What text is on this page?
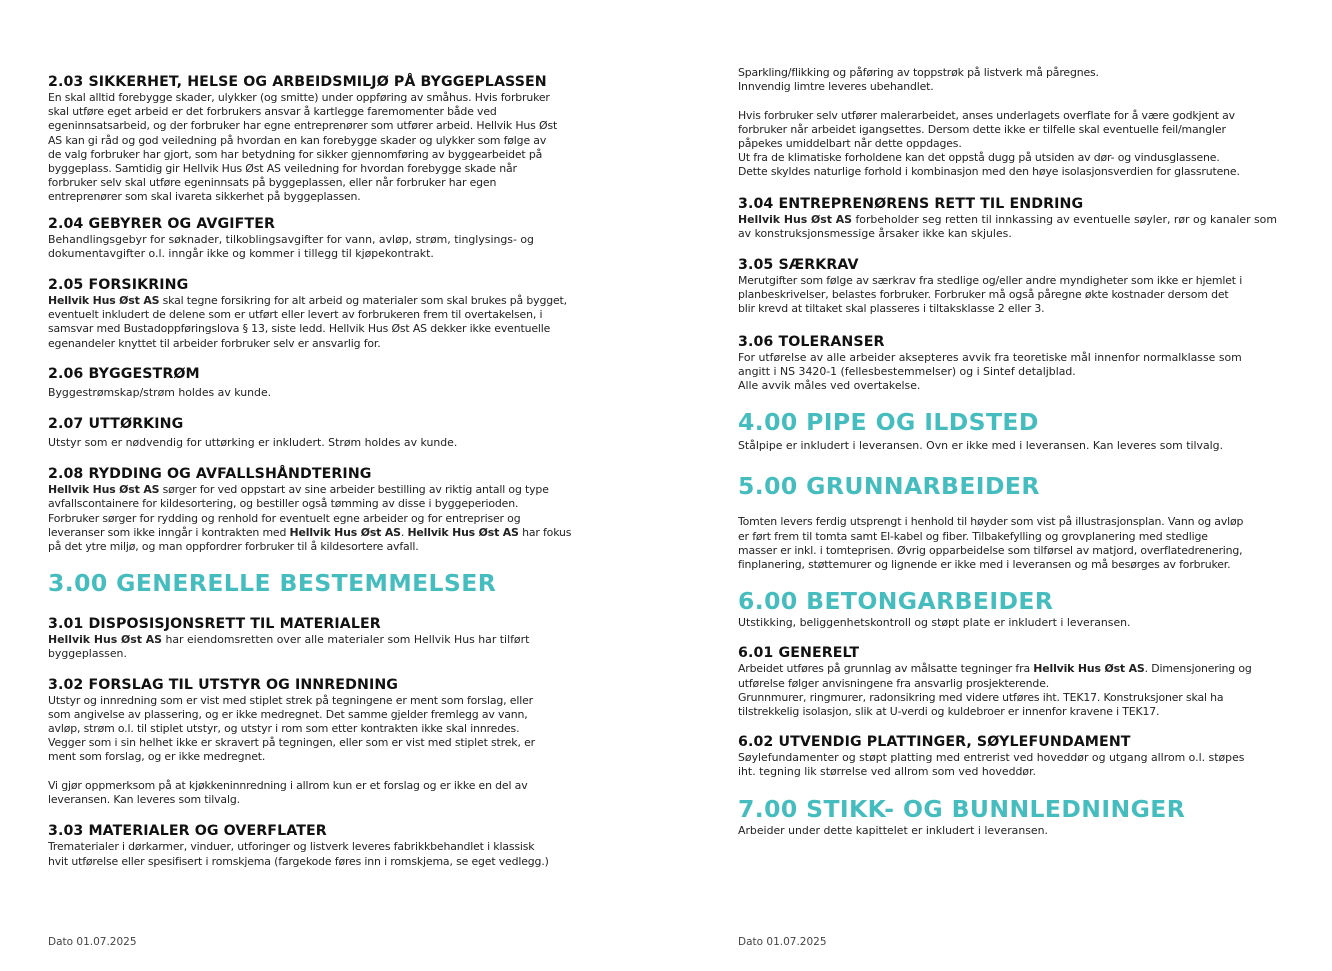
2.03 SIKKERHET, HELSE OG ARBEIDSMILJØ PÅ BYGGEPLASSEN

En skal alltid forebygge skader, ulykker (og smitte) under oppføring av småhus. Hvis forbruker
skal utføre eget arbeid er det forbrukers ansvar å kartlegge faremomenter både ved
egeninnsatsarbeid, og der forbruker har egne entreprenører som utfører arbeid. Hellvik Hus Øst
AS kan gi råd og god veiledning på hvordan en kan forebygge skader og ulykker som følge av
de valg forbruker har gjort, som har betydning for sikker gjennomføring av byggearbeidet på
byggeplass. Samtidig gir Hellvik Hus Øst AS veiledning for hvordan forebygge skade når
forbruker selv skal utføre egeninnsats på byggeplassen, eller når forbruker har egen
entreprenører som skal ivareta sikkerhet på byggeplassen.

2.04 GEBYRER OG AVGIFTER

Behandlingsgebyr for søknader, tilkoblingsavgifter for vann, avløp, strøm, tinglysings- og
dokumentavgifter o.l. inngår ikke og kommer i tillegg til kjøpekontrakt.

2.05 FORSIKRING

Hellvik Hus Øst AS skal tegne forsikring for alt arbeid og materialer som skal brukes på bygget,
eventuelt inkludert de delene som er utført eller levert av forbrukeren frem til overtakelsen, i
samsvar med Bustadoppføringslova § 13, siste ledd. Hellvik Hus Øst AS dekker ikke eventuelle
egenandeler knyttet til arbeider forbruker selv er ansvarlig for.

2.06 BYGGESTRØM

Byggestrømskap/strøm holdes av kunde.

2.07 UTTØRKING

Utstyr som er nødvendig for uttørking er inkludert. Strøm holdes av kunde.

2.08 RYDDING OG AVFALLSHÅNDTERING

Hellvik Hus Øst AS sørger for ved oppstart av sine arbeider bestilling av riktig antall og type
avfallscontainere for kildesortering, og bestiller også tømming av disse i byggeperioden.
Forbruker sørger for rydding og renhold for eventuelt egne arbeider og for entrepriser og
leveranser som ikke inngår i kontrakten med Hellvik Hus Øst AS. Hellvik Hus Øst AS har fokus
på det ytre miljø, og man oppfordrer forbruker til å kildesortere avfall.

3.00 GENERELLE BESTEMMELSER
3.01 DISPOSISJONSRETT TIL MATERIALER

Hellvik Hus Øst AS har eiendomsretten over alle materialer som Hellvik Hus har tilført
byggeplassen.

3.02 FORSLAG TIL UTSTYR OG INNREDNING

Utstyr og innredning som er vist med stiplet strek på tegningene er ment som forslag, eller
som angivelse av plassering, og er ikke medregnet. Det samme gjelder fremlegg av vann,
avløp, strøm o.l. til stiplet utstyr, og utstyr i rom som etter kontrakten ikke skal innredes.
Vegger som i sin helhet ikke er skravert på tegningen, eller som er vist med stiplet strek, er
ment som forslag, og er ikke medregnet.

Vi gjør oppmerksom på at kjøkkeninnredning i allrom kun er et forslag og er ikke en del av
leveransen. Kan leveres som tilvalg.

3.03 MATERIALER OG OVERFLATER

Trematerialer i dørkarmer, vinduer, utforinger og listverk leveres fabrikkbehandlet i klassisk
hvit utførelse eller spesifisert i romskjema (fargekode føres inn i romskjema, se eget vedlegg.)

Dato 01.07.2025

Sparkling/flikking og påføring av toppstrøk på listverk må påregnes.
Innvendig limtre leveres ubehandlet.

Hvis forbruker selv utfører malerarbeidet, anses underlagets overflate for å være godkjent av
forbruker når arbeidet igangsettes. Dersom dette ikke er tilfelle skal eventuelle feil/mangler
påpekes umiddelbart når dette oppdages.
Ut fra de klimatiske forholdene kan det oppstå dugg på utsiden av dør- og vindusglassene.
Dette skyldes naturlige forhold i kombinasjon med den høye isolasjonsverdien for glassrutene.

3.04 ENTREPRENØRENS RETT TIL ENDRING

Hellvik Hus Øst AS forbeholder seg retten til innkassing av eventuelle søyler, rør og kanaler som
av konstruksjonsmessige årsaker ikke kan skjules.

3.05 SÆRKRAV

Merutgifter som følge av særkrav fra stedlige og/eller andre myndigheter som ikke er hjemlet i
planbeskrivelser, belastes forbruker. Forbruker må også påregne økte kostnader dersom det
blir krevd at tiltaket skal plasseres i tiltaksklasse 2 eller 3.

3.06 TOLERANSER

For utførelse av alle arbeider aksepteres avvik fra teoretiske mål innenfor normalklasse som
angitt i NS 3420-1 (fellesbestemmelser) og i Sintef detaljblad.
Alle avvik måles ved overtakelse.

4.00 PIPE OG ILDSTED

Stålpipe er inkludert i leveransen. Ovn er ikke med i leveransen. Kan leveres som tilvalg.

5.00 GRUNNARBEIDER

Tomten levers ferdig utsprengt i henhold til høyder som vist på illustrasjonsplan. Vann og avløp
er ført frem til tomta samt El-kabel og fiber. Tilbakefylling og grovplanering med stedlige
masser er inkl. i tomteprisen. Øvrig opparbeidelse som tilførsel av matjord, overflatedrenering,
finplanering, støttemurer og lignende er ikke med i leveransen og må besørges av forbruker.

6.00 BETONGARBEIDER

Utstikking, beliggenhetskontroll og støpt plate er inkludert i leveransen.

6.01 GENERELT

Arbeidet utføres på grunnlag av målsatte tegninger fra Hellvik Hus Øst AS. Dimensjonering og
utførelse følger anvisningene fra ansvarlig prosjekterende.
Grunnmurer, ringmurer, radonsikring med videre utføres iht. TEK17. Konstruksjoner skal ha
tilstrekkelig isolasjon, slik at U-verdi og kuldebroer er innenfor kravene i TEK17.

6.02 UTVENDIG PLATTINGER, SØYLEFUNDAMENT

Søylefundamenter og støpt platting med entrerist ved hoveddør og utgang allrom o.l. støpes
iht. tegning lik størrelse ved allrom som ved hoveddør.

7.00 STIKK- OG BUNNLEDNINGER

Arbeider under dette kapittelet er inkludert i leveransen.

Dato 01.07.2025
